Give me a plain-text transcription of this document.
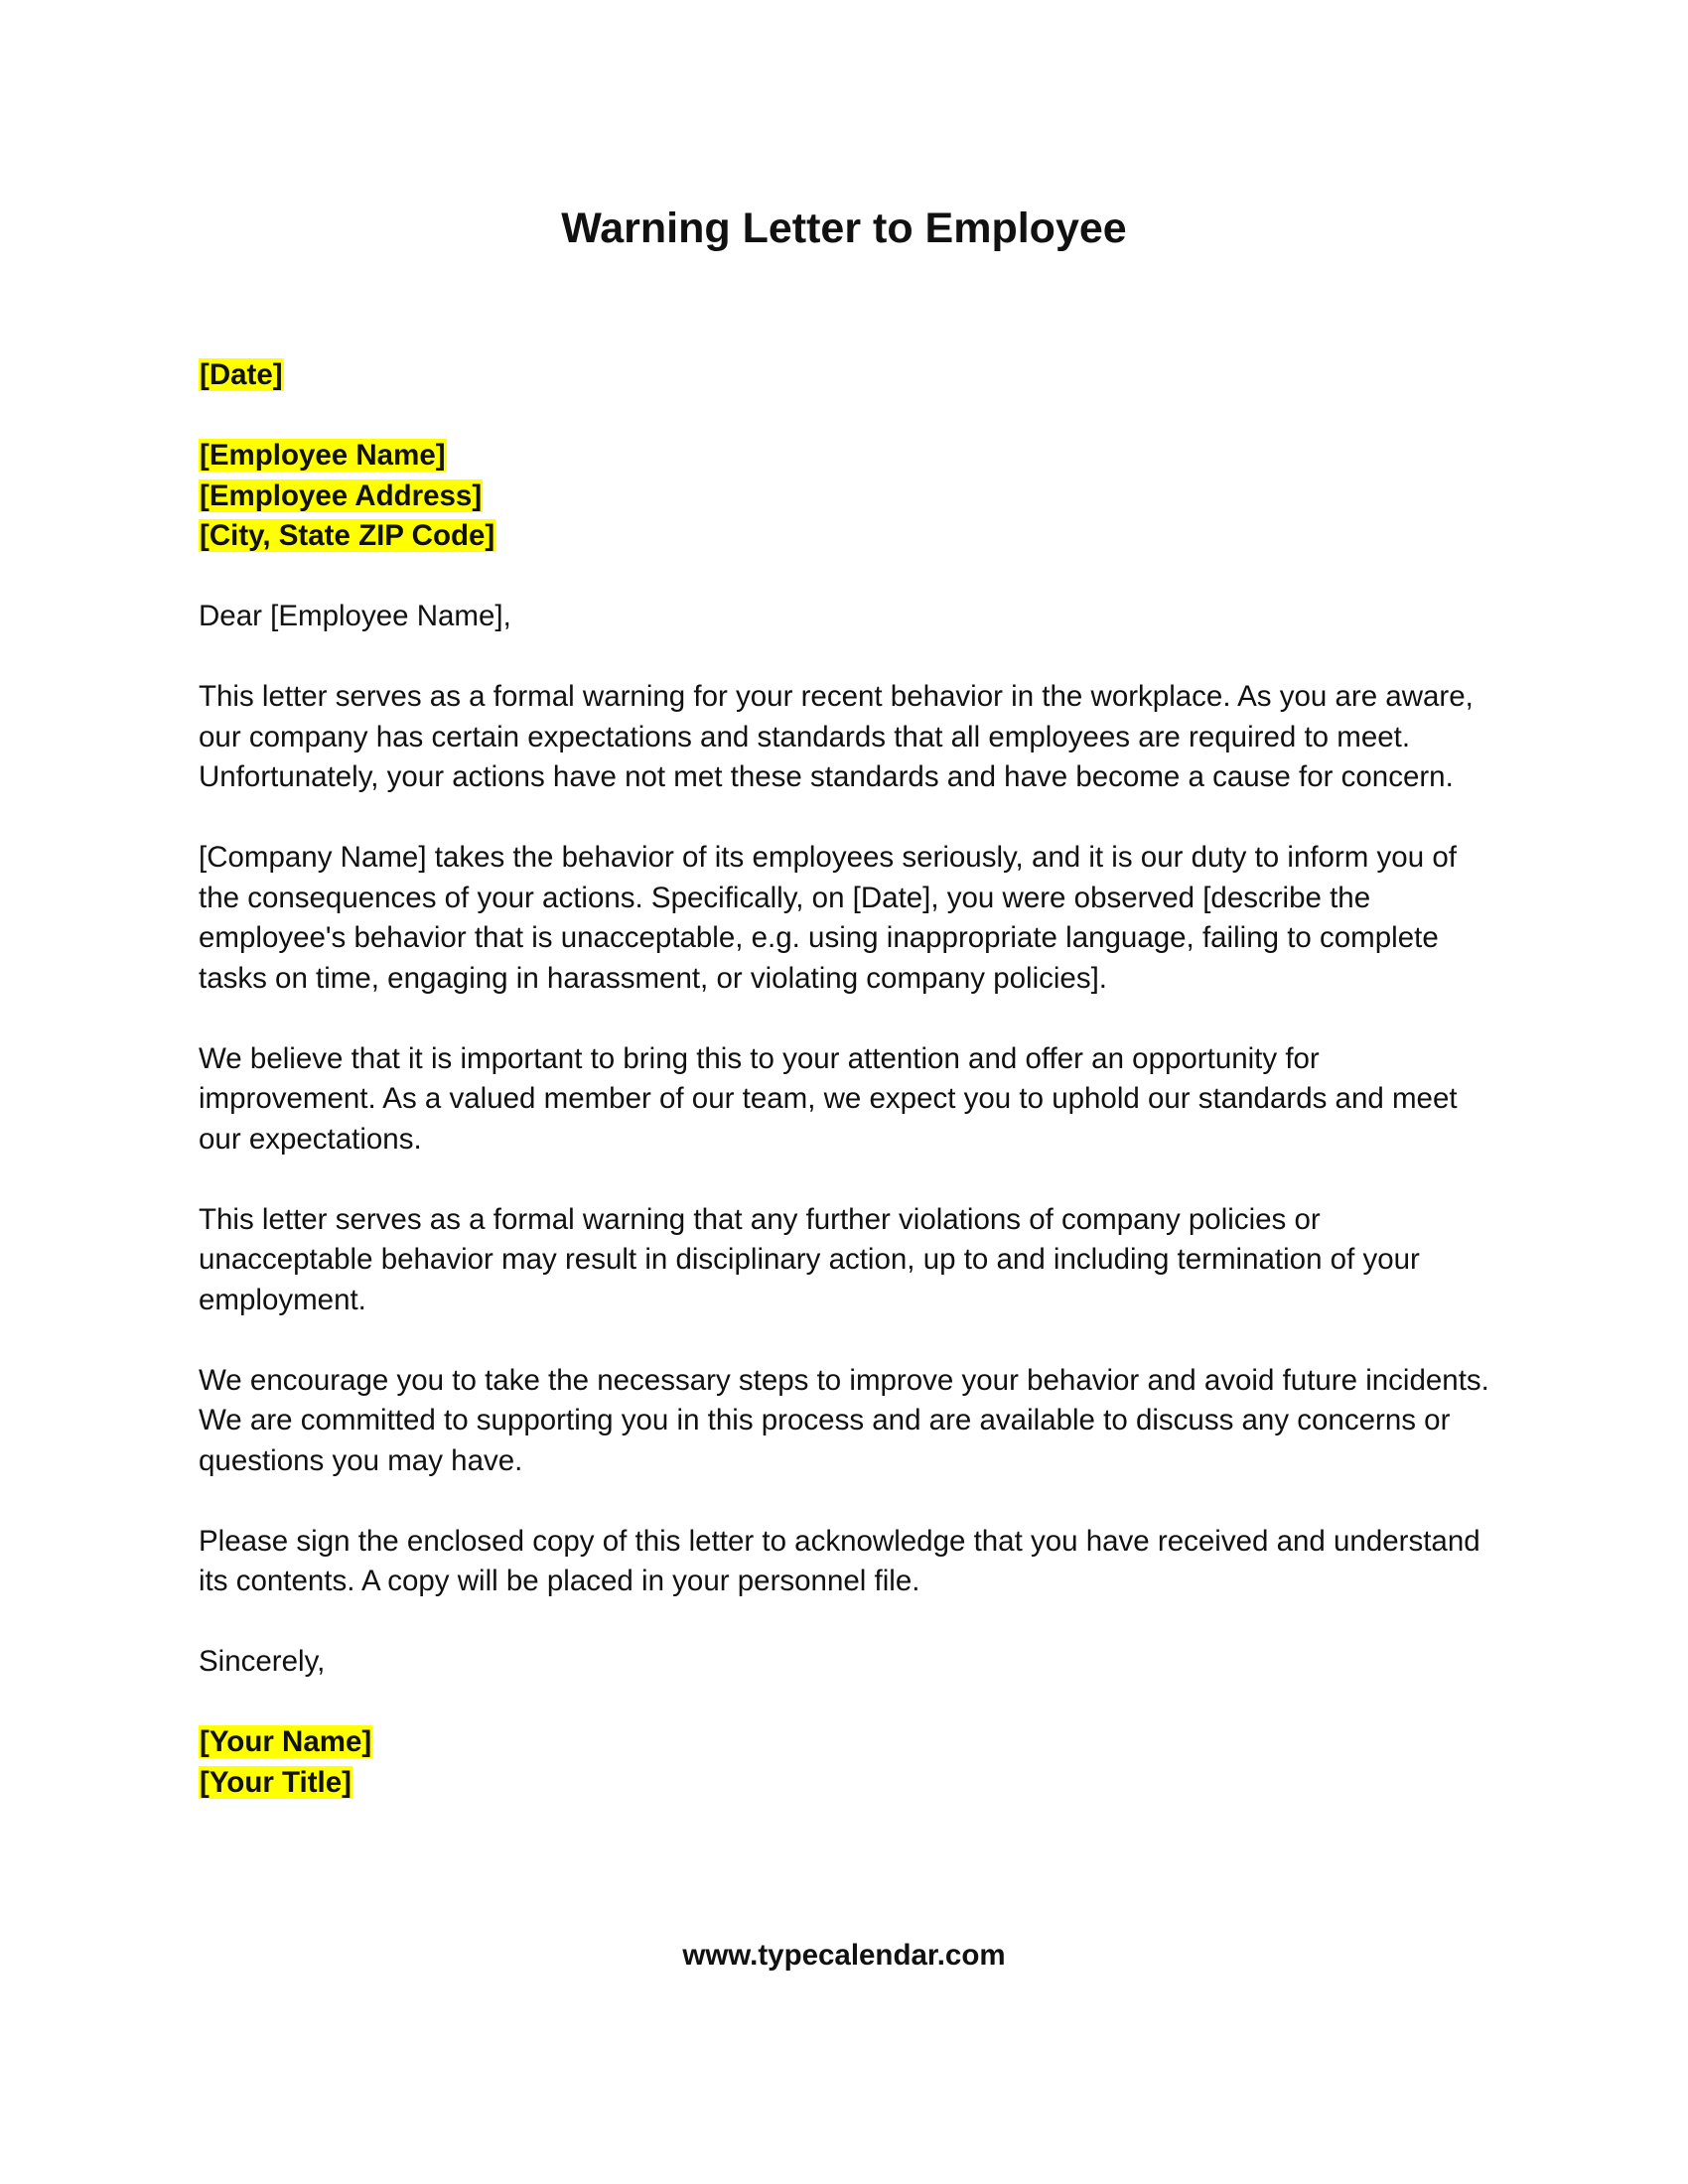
Warning Letter to Employee
[Date]
[Employee Name]
[Employee Address]
[City, State ZIP Code]

Dear [Employee Name],

This letter serves as a formal warning for your recent behavior in the workplace. As you are aware, our company has certain expectations and standards that all employees are required to meet. Unfortunately, your actions have not met these standards and have become a cause for concern.

[Company Name] takes the behavior of its employees seriously, and it is our duty to inform you of the consequences of your actions. Specifically, on [Date], you were observed [describe the employee's behavior that is unacceptable, e.g. using inappropriate language, failing to complete tasks on time, engaging in harassment, or violating company policies].

We believe that it is important to bring this to your attention and offer an opportunity for improvement. As a valued member of our team, we expect you to uphold our standards and meet our expectations.

This letter serves as a formal warning that any further violations of company policies or unacceptable behavior may result in disciplinary action, up to and including termination of your employment.

We encourage you to take the necessary steps to improve your behavior and avoid future incidents. We are committed to supporting you in this process and are available to discuss any concerns or questions you may have.

Please sign the enclosed copy of this letter to acknowledge that you have received and understand its contents. A copy will be placed in your personnel file.

Sincerely,

[Your Name]
[Your Title]
www.typecalendar.com
